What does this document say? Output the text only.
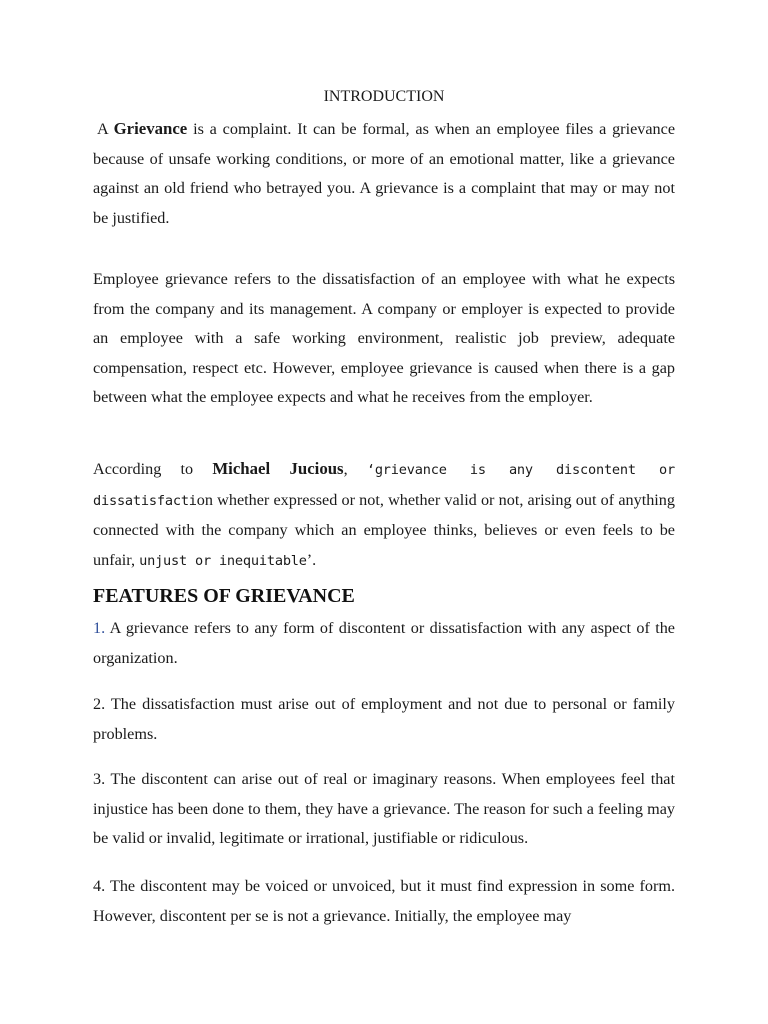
INTRODUCTION

A Grievance is a complaint. It can be formal, as when an employee files a grievance because of unsafe working conditions, or more of an emotional matter, like a grievance against an old friend who betrayed you. A grievance is a complaint that may or may not be justified.

Employee grievance refers to the dissatisfaction of an employee with what he expects from the company and its management. A company or employer is expected to provide an employee with a safe working environment, realistic job preview, adequate compensation, respect etc. However, employee grievance is caused when there is a gap between what the employee expects and what he receives from the employer.

According to Michael Jucious, ‘grievance is any discontent or dissatisfaction whether expressed or not, whether valid or not, arising out of anything connected with the company which an employee thinks, believes or even feels to be unfair, unjust or inequitable’.

FEATURES OF GRIEVANCE

1. A grievance refers to any form of discontent or dissatisfaction with any aspect of the organization.

2. The dissatisfaction must arise out of employment and not due to personal or family problems.

3. The discontent can arise out of real or imaginary reasons. When employees feel that injustice has been done to them, they have a grievance. The reason for such a feeling may be valid or invalid, legitimate or irrational, justifiable or ridiculous.

4. The discontent may be voiced or unvoiced, but it must find expression in some form. However, discontent per se is not a grievance. Initially, the employee may
